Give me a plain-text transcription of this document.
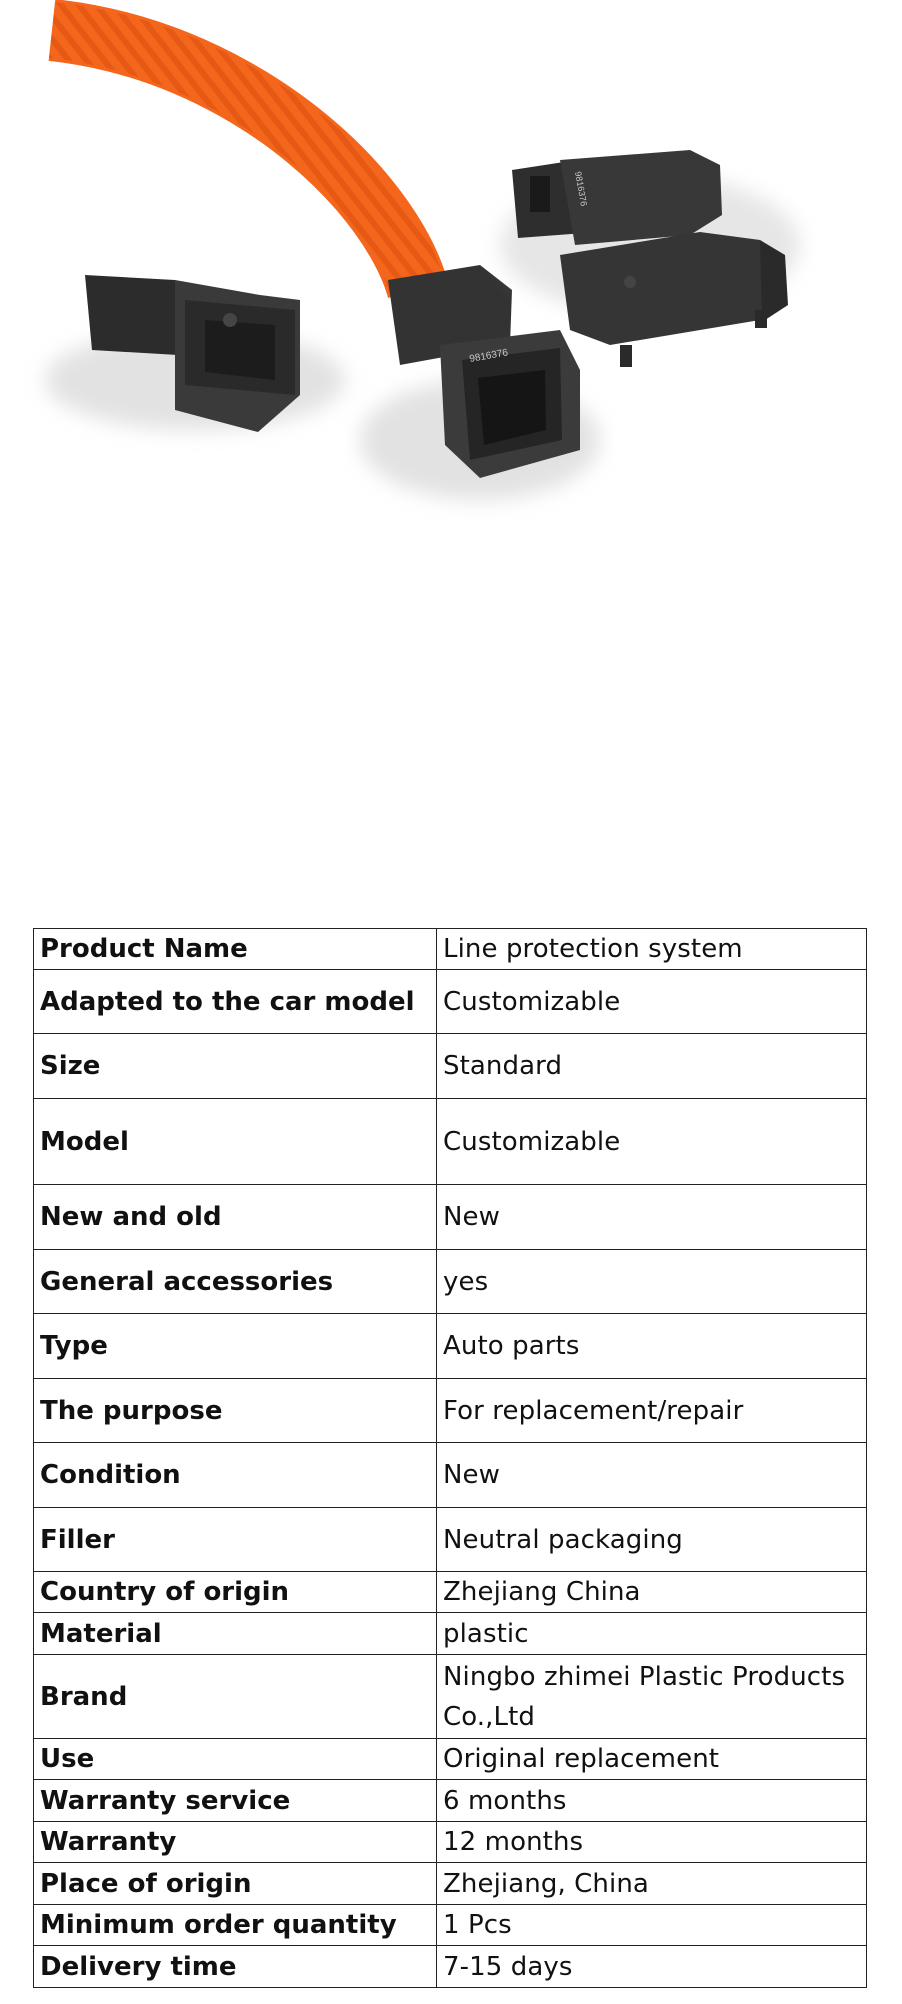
9816376
9816376
Product Name	Line protection system
Adapted to the car model	Customizable
Size	Standard
Model	Customizable
New and old	New
General accessories	yes
Type	Auto parts
The purpose	For replacement/repair
Condition	New
Filler	Neutral packaging
Country of origin	Zhejiang China
Material	plastic
Brand	Ningbo zhimei Plastic Products Co.,Ltd
Use	Original replacement
Warranty service	6 months
Warranty	12 months
Place of origin	Zhejiang, China
Minimum order quantity	1 Pcs
Delivery time	7-15 days
